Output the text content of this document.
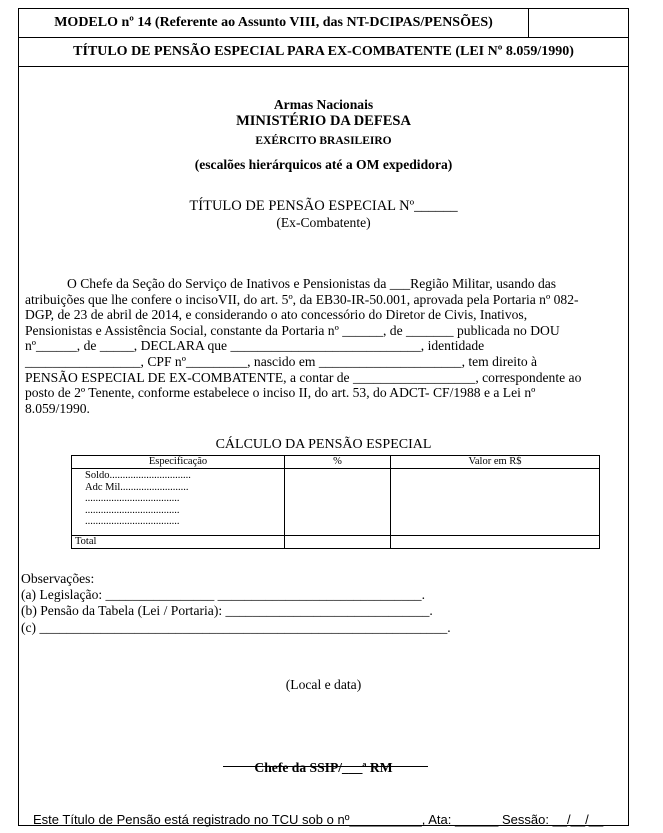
MODELO nº 14 (Referente ao Assunto VIII, das NT-DCIPAS/PENSÕES)
TÍTULO DE PENSÃO ESPECIAL PARA EX-COMBATENTE (LEI Nº 8.059/1990)
Armas Nacionais
MINISTÉRIO DA DEFESA
EXÉRCITO BRASILEIRO
(escalões hierárquicos até a OM expedidora)
TÍTULO DE PENSÃO ESPECIAL Nº______
(Ex-Combatente)

O Chefe da Seção do Serviço de Inativos e Pensionistas da ___Região Militar, usando das

atribuições que lhe confere o incisoVII, do art. 5º, da EB30-IR-50.001, aprovada pela Portaria nº 082-

DGP, de 23 de abril de 2014, e considerando o ato concessório do Diretor de Civis, Inativos,

Pensionistas e Assistência Social, constante da Portaria nº ______, de _______ publicada no DOU

nº______, de _____, DECLARA que ____________________________, identidade

_________________, CPF nº_________, nascido em _____________________, tem direito à

PENSÃO ESPECIAL DE EX-COMBATENTE, a contar de __________________, correspondente ao

posto de 2º Tenente, conforme estabelece o inciso II, do art. 53, do ADCT- CF/1988 e a Lei nº

8.059/1990.

CÁLCULO DA PENSÃO ESPECIAL
Especificação	%	Valor em R$

Soldo...............................
Adc Mil..........................
....................................
....................................
....................................		

Total		
Observações:
(a) Legislação: ________________ ______________________________.
(b) Pensão da Tabela (Lei / Portaria): ______________________________.
(c) ____________________________________________________________.
(Local e data)
Chefe da SSIP/___ª RM
Este Título de Pensão está registrado no TCU sob o nº__________, Ata: ______ Sessão: __/__/__
